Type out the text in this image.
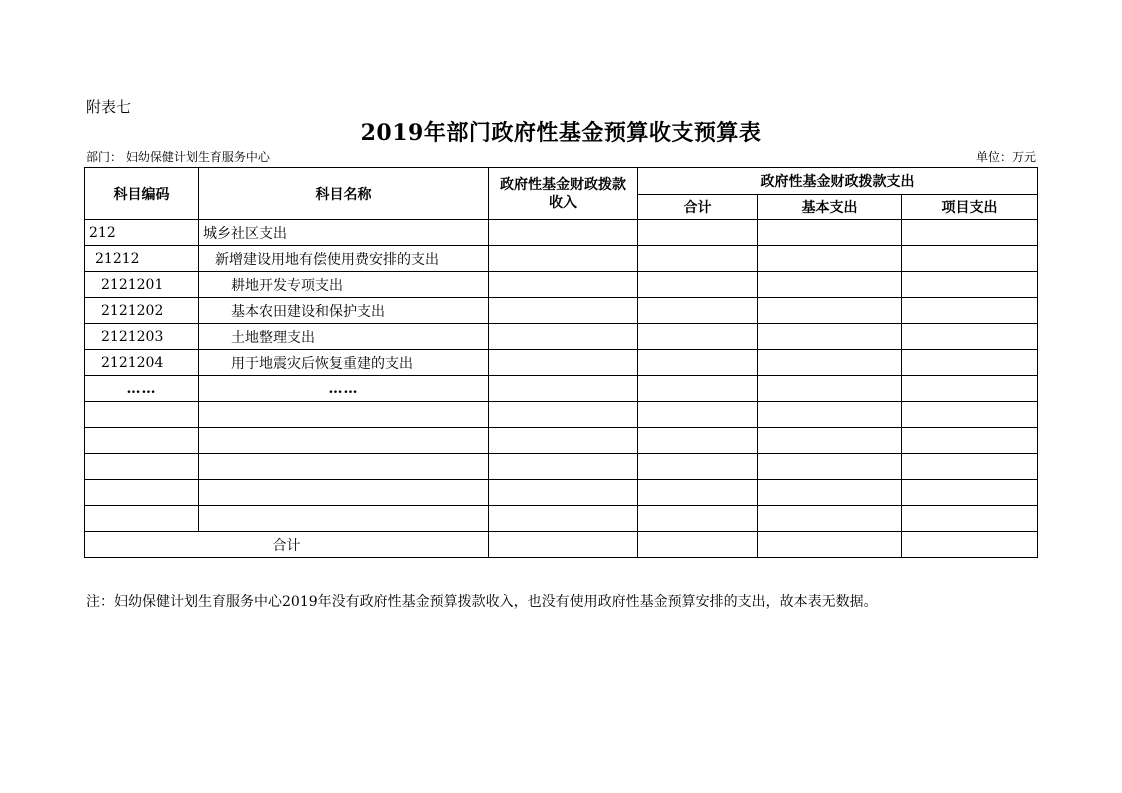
附表七
2019年部门政府性基金预算收支预算表
部门： 妇幼保健计划生育服务中心	单位：万元
科目编码	科目名称	政府性基金财政拨款收入	政府性基金财政拨款支出		
			合计	基本支出	项目支出
212	城乡社区支出				
21212	新增建设用地有偿使用费安排的支出				
2121201	耕地开发专项支出				
2121202	基本农田建设和保护支出				
2121203	土地整理支出				
2121204	用于地震灾后恢复重建的支出				
……	……				

合计					
注：妇幼保健计划生育服务中心2019年没有政府性基金预算拨款收入，也没有使用政府性基金预算安排的支出，故本表无数据。
